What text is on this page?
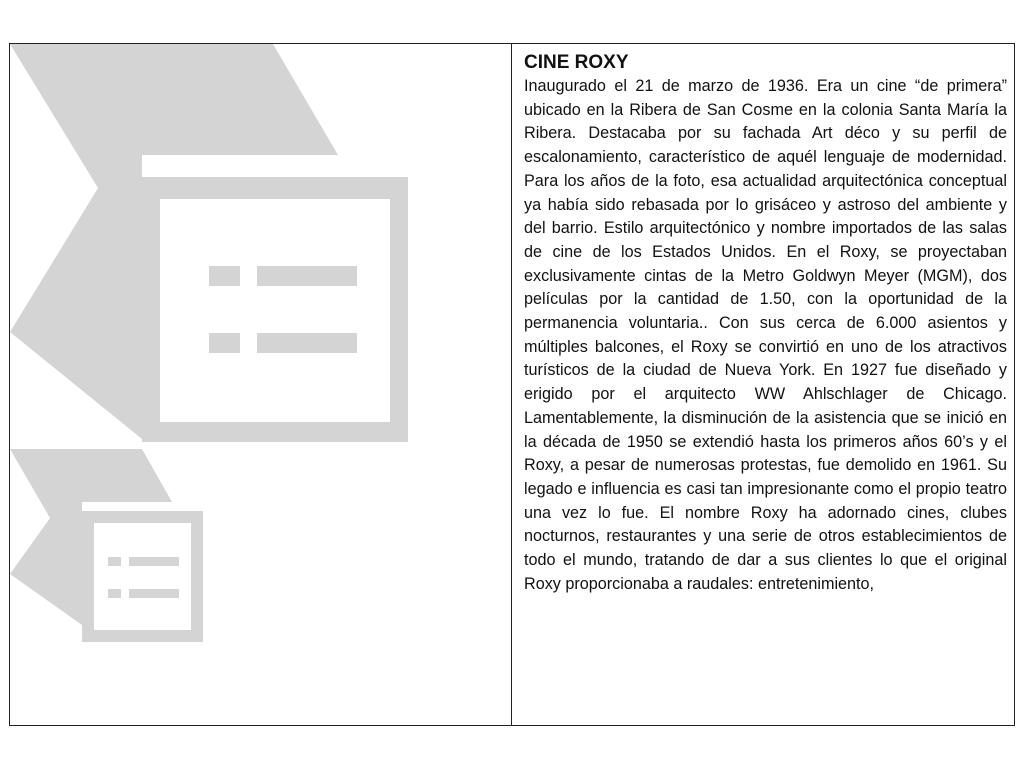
CINE ROXY

Inaugurado el 21 de marzo de 1936. Era un cine “de primera” ubicado en la Ribera de San Cosme en la colonia Santa María la Ribera. Destacaba por su fachada Art déco y su perfil de escalonamiento, característico de aquél lenguaje de modernidad. Para los años de la foto, esa actualidad arquitectónica conceptual ya había sido rebasada por lo grisáceo y astroso del ambiente y del barrio. Estilo arquitectónico y nombre importados de las salas de cine de los Estados Unidos. En el Roxy, se proyectaban exclusivamente cintas de la Metro Goldwyn Meyer (MGM), dos películas por la cantidad de 1.50, con la oportunidad de la permanencia voluntaria.. Con sus cerca de 6.000 asientos y múltiples balcones, el Roxy se convirtió en uno de los atractivos turísticos de la ciudad de Nueva York. En 1927 fue diseñado y erigido por el arquitecto WW Ahlschlager de Chicago. Lamentablemente, la disminución de la asistencia que se inició en la década de 1950 se extendió hasta los primeros años 60’s y el Roxy, a pesar de numerosas protestas, fue demolido en 1961. Su legado e influencia es casi tan impresionante como el propio teatro una vez lo fue. El nombre Roxy ha adornado cines, clubes nocturnos, restaurantes y una serie de otros establecimientos de todo el mundo, tratando de dar a sus clientes lo que el original Roxy proporcionaba a raudales: entretenimiento,
